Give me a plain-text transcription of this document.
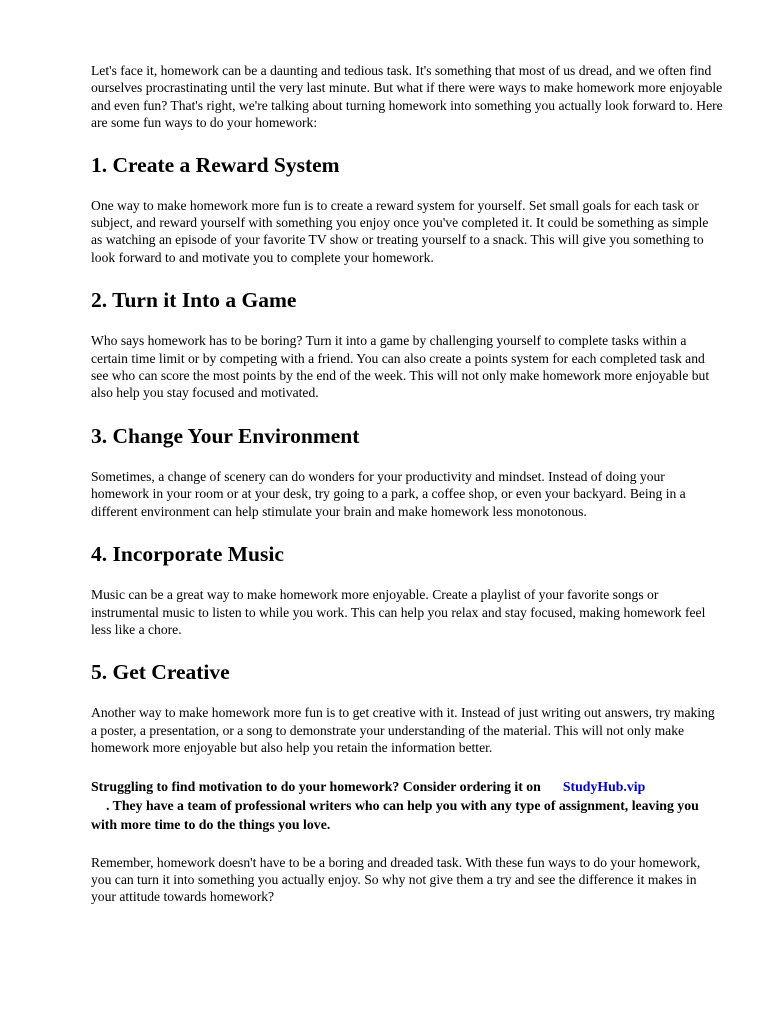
Let's face it, homework can be a daunting and tedious task. It's something that most of us dread, and we often find ourselves procrastinating until the very last minute. But what if there were ways to make homework more enjoyable and even fun? That's right, we're talking about turning homework into something you actually look forward to. Here are some fun ways to do your homework:

1. Create a Reward System

One way to make homework more fun is to create a reward system for yourself. Set small goals for each task or subject, and reward yourself with something you enjoy once you've completed it. It could be something as simple as watching an episode of your favorite TV show or treating yourself to a snack. This will give you something to look forward to and motivate you to complete your homework.

2. Turn it Into a Game

Who says homework has to be boring? Turn it into a game by challenging yourself to complete tasks within a certain time limit or by competing with a friend. You can also create a points system for each completed task and see who can score the most points by the end of the week. This will not only make homework more enjoyable but also help you stay focused and motivated.

3. Change Your Environment

Sometimes, a change of scenery can do wonders for your productivity and mindset. Instead of doing your homework in your room or at your desk, try going to a park, a coffee shop, or even your backyard. Being in a different environment can help stimulate your brain and make homework less monotonous.

4. Incorporate Music

Music can be a great way to make homework more enjoyable. Create a playlist of your favorite songs or instrumental music to listen to while you work. This can help you relax and stay focused, making homework feel less like a chore.

5. Get Creative

Another way to make homework more fun is to get creative with it. Instead of just writing out answers, try making a poster, a presentation, or a song to demonstrate your understanding of the material. This will not only make homework more enjoyable but also help you retain the information better.

Struggling to find motivation to do your homework? Consider ordering it on StudyHub.vip
. They have a team of professional writers who can help you with any type of assignment, leaving you with more time to do the things you love.

Remember, homework doesn't have to be a boring and dreaded task. With these fun ways to do your homework, you can turn it into something you actually enjoy. So why not give them a try and see the difference it makes in your attitude towards homework?
